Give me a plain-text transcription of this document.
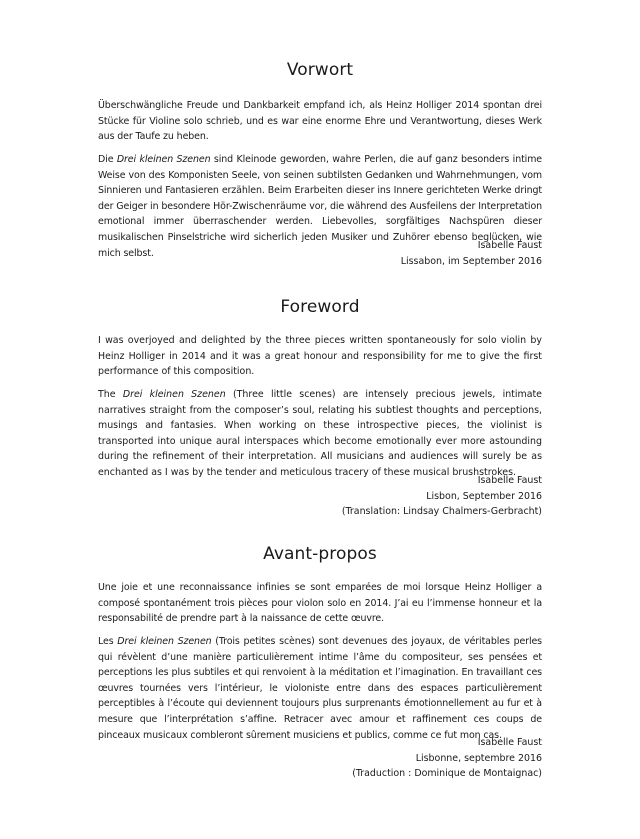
Vorwort

Überschwängliche Freude und Dankbarkeit empfand ich, als Heinz Holliger 2014 spontan drei Stücke für Violine solo schrieb, und es war eine enorme Ehre und Verantwortung, dieses Werk aus der Taufe zu heben.

Die Drei kleinen Szenen sind Kleinode geworden, wahre Perlen, die auf ganz besonders intime Weise von des Komponisten Seele, von seinen subtilsten Gedanken und Wahrnehmungen, vom Sinnieren und Fantasieren erzählen. Beim Erarbeiten dieser ins Innere gerichteten Werke dringt der Geiger in besondere Hör-Zwischenräume vor, die während des Ausfeilens der Interpretation emotional immer überraschender werden. Liebevolles, sorgfältiges Nachspüren dieser musikalischen Pinselstriche wird sicherlich jeden Musiker und Zuhörer ebenso beglücken, wie mich selbst.

Isabelle Faust
Lissabon, im September 2016
Foreword

I was overjoyed and delighted by the three pieces written spontaneously for solo violin by Heinz Holliger in 2014 and it was a great honour and responsibility for me to give the first performance of this composition.

The Drei kleinen Szenen (Three little scenes) are intensely precious jewels, intimate narratives straight from the composer’s soul, relating his subtlest thoughts and perceptions, musings and fantasies. When working on these introspective pieces, the violinist is transported into unique aural interspaces which become emotionally ever more astounding during the refinement of their interpretation. All musicians and audiences will surely be as enchanted as I was by the tender and meticulous tracery of these musical brushstrokes.

Isabelle Faust
Lisbon, September 2016
(Translation: Lindsay Chalmers-Gerbracht)
Avant-propos

Une joie et une reconnaissance infinies se sont emparées de moi lorsque Heinz Holliger a composé spontanément trois pièces pour violon solo en 2014. J’ai eu l’immense honneur et la responsabilité de prendre part à la naissance de cette œuvre.

Les Drei kleinen Szenen (Trois petites scènes) sont devenues des joyaux, de véritables perles qui révèlent d’une manière particulièrement intime l’âme du compositeur, ses pensées et perceptions les plus subtiles et qui renvoient à la méditation et l’imagination. En travaillant ces œuvres tournées vers l’intérieur, le violoniste entre dans des espaces particulièrement perceptibles à l’écoute qui deviennent toujours plus surprenants émotionnellement au fur et à mesure que l’interprétation s’affine. Retracer avec amour et raffinement ces coups de pinceaux musicaux combleront sûrement musiciens et publics, comme ce fut mon cas.

Isabelle Faust
Lisbonne, septembre 2016
(Traduction : Dominique de Montaignac)
